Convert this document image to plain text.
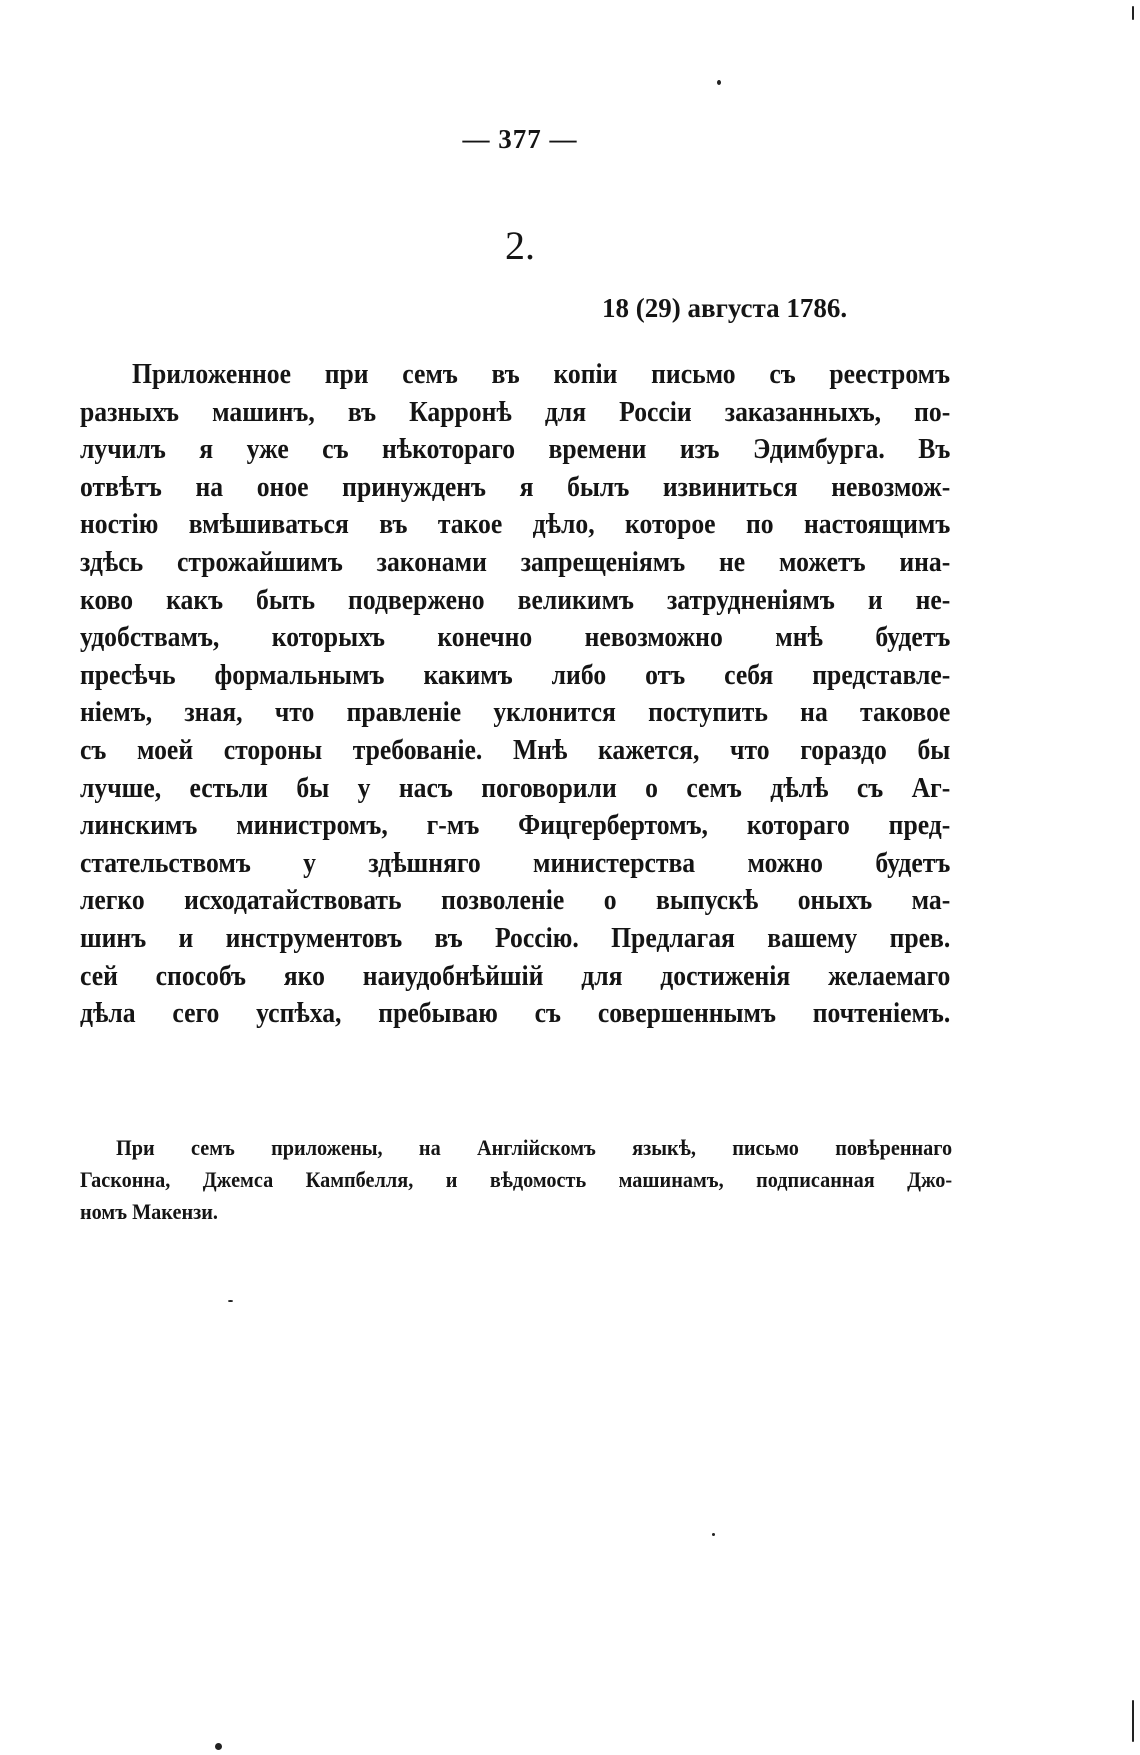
— 377 —
2.
18 (29) августа 1786.
Приложенное при семъ въ копіи письмо съ реестромъ
разныхъ машинъ, въ Карронѣ для Россіи заказанныхъ, по-
лучилъ я уже съ нѣкотораго времени изъ Эдимбурга. Въ
отвѣтъ на оное принужденъ я былъ извиниться невозмож-
ностію вмѣшиваться въ такое дѣло, которое по настоящимъ
здѣсь строжайшимъ законами запрещеніямъ не можетъ ина-
ково какъ быть подвержено великимъ затрудненіямъ и не-
удобствамъ, которыхъ конечно невозможно мнѣ будетъ
пресѣчь формальнымъ какимъ либо отъ себя представле-
ніемъ, зная, что правленіе уклонится поступить на таковое
съ моей стороны требованіе. Мнѣ кажется, что гораздо бы
лучше, естьли бы у насъ поговорили о семъ дѣлѣ съ Аг-
линскимъ министромъ, г-мъ Фицгербертомъ, котораго пред-
стательствомъ у здѣшняго министерства можно будетъ
легко исходатайствовать позволеніе о выпускѣ оныхъ ма-
шинъ и инструментовъ въ Россію. Предлагая вашему прев.
сей способъ яко наиудобнѣйшій для достиженія желаемаго
дѣла сего успѣха, пребываю съ совершеннымъ почтеніемъ.
При семъ приложены, на Англійскомъ языкѣ, письмо повѣреннаго
Гасконна, Джемса Кампбелля, и вѣдомость машинамъ, подписанная Джо-
номъ Макензи.
